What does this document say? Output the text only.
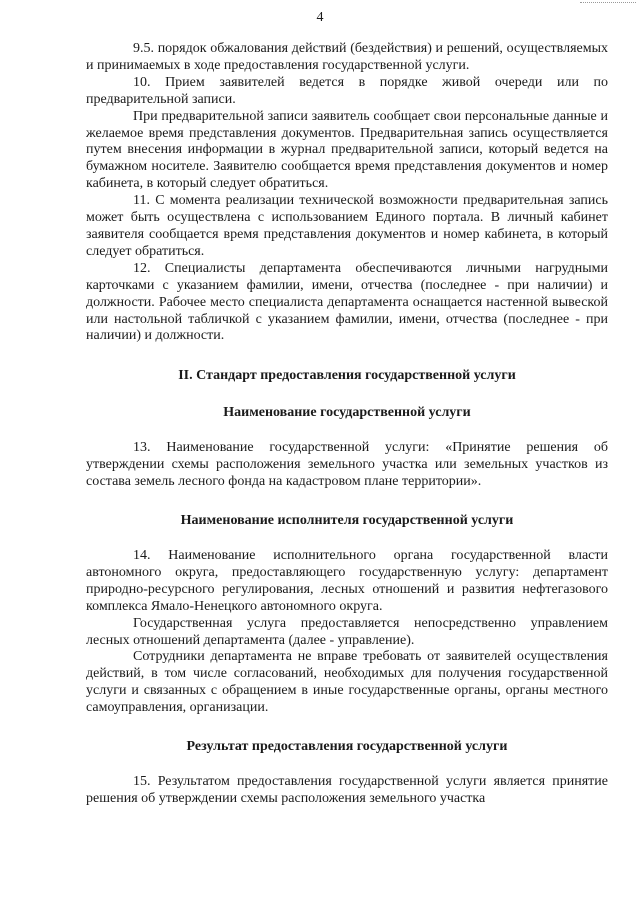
4

9.5. порядок обжалования действий (бездействия) и решений, осуществляемых и принимаемых в ходе предоставления государственной услуги.

10. Прием заявителей ведется в порядке живой очереди или по предварительной записи.

При предварительной записи заявитель сообщает свои персональные данные и желаемое время представления документов. Предварительная запись осуществляется путем внесения информации в журнал предварительной записи, который ведется на бумажном носителе. Заявителю сообщается время представления документов и номер кабинета, в который следует обратиться.

11. С момента реализации технической возможности предварительная запись может быть осуществлена с использованием Единого портала. В личный кабинет заявителя сообщается время представления документов и номер кабинета, в который следует обратиться.

12. Специалисты департамента обеспечиваются личными нагрудными карточками с указанием фамилии, имени, отчества (последнее - при наличии) и должности. Рабочее место специалиста департамента оснащается настенной вывеской или настольной табличкой с указанием фамилии, имени, отчества (последнее - при наличии) и должности.

II. Стандарт предоставления государственной услуги
Наименование государственной услуги

13. Наименование государственной услуги: «Принятие решения об утверждении схемы расположения земельного участка или земельных участков из состава земель лесного фонда на кадастровом плане территории».

Наименование исполнителя государственной услуги

14. Наименование исполнительного органа государственной власти автономного округа, предоставляющего государственную услугу: департамент природно-ресурсного регулирования, лесных отношений и развития нефтегазового комплекса Ямало-Ненецкого автономного округа.

Государственная услуга предоставляется непосредственно управлением лесных отношений департамента (далее - управление).

Сотрудники департамента не вправе требовать от заявителей осуществления действий, в том числе согласований, необходимых для получения государственной услуги и связанных с обращением в иные государственные органы, органы местного самоуправления, организации.

Результат предоставления государственной услуги

15. Результатом предоставления государственной услуги является принятие решения об утверждении схемы расположения земельного участка
